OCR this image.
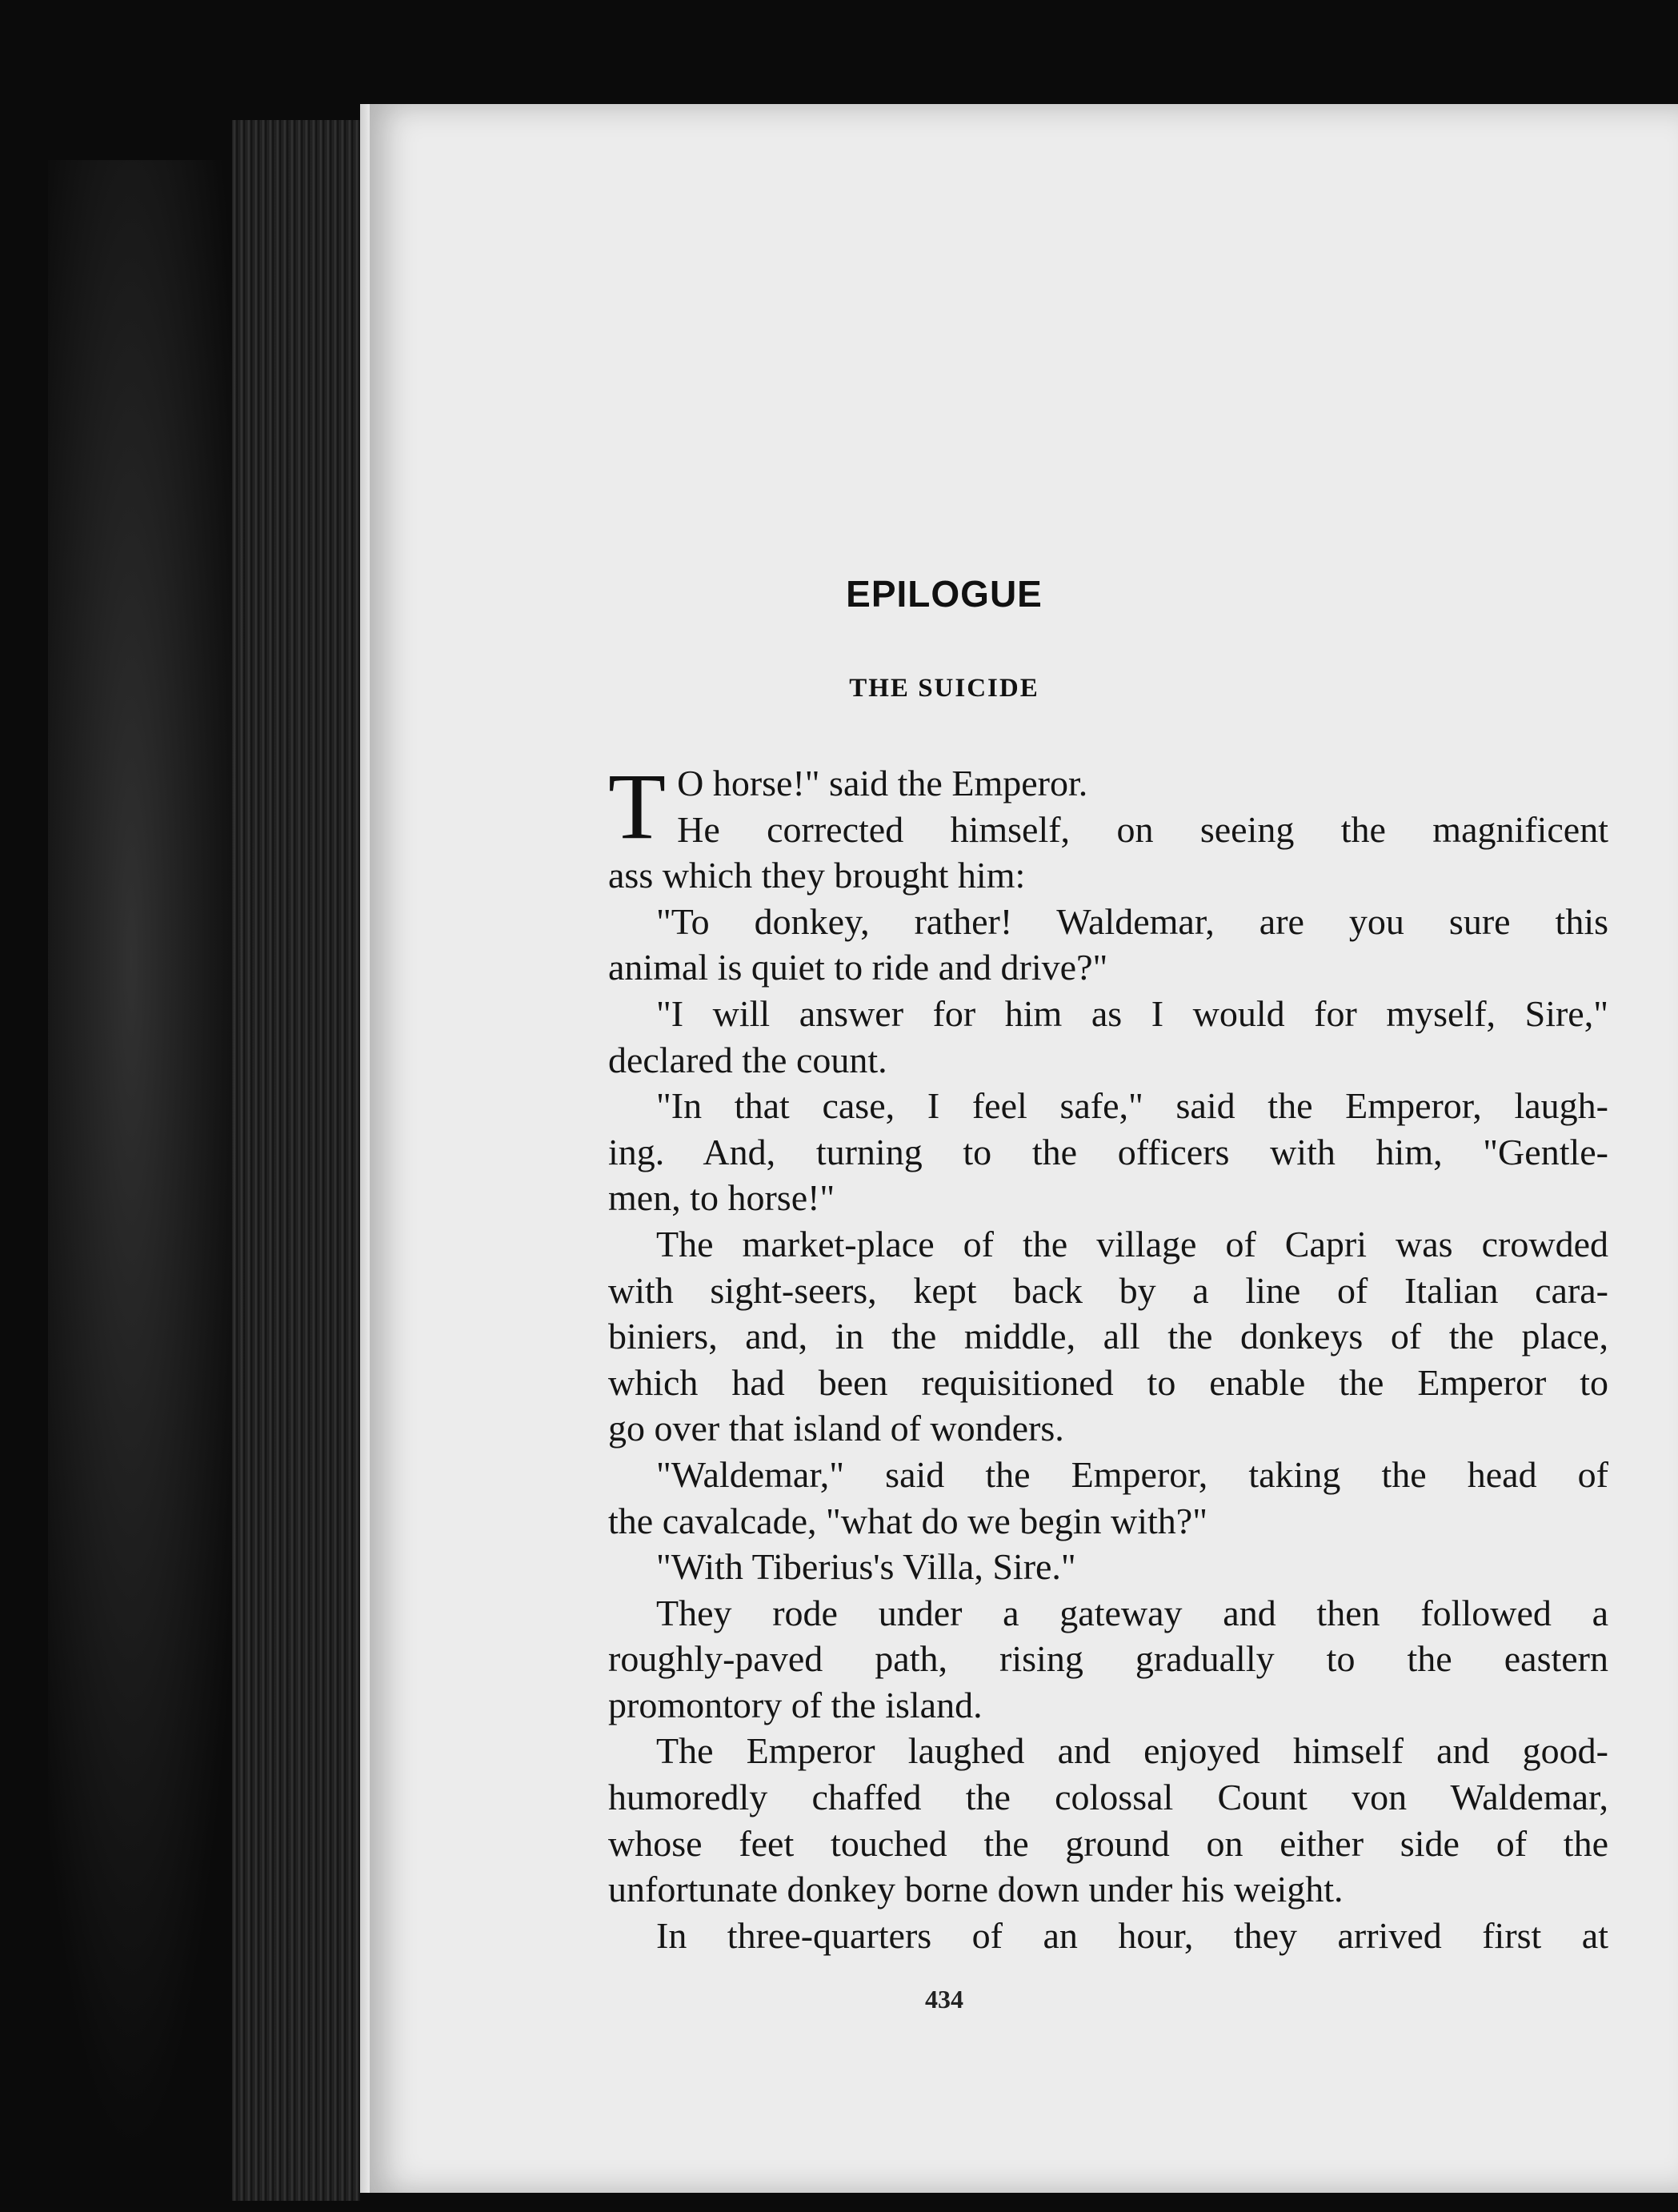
EPILOGUE
THE SUICIDE
T O horse!" said the Emperor.
He corrected himself, on seeing the magnificent
ass which they brought him:
"To donkey, rather! Waldemar, are you sure this
animal is quiet to ride and drive?"
"I will answer for him as I would for myself, Sire,"
declared the count.
"In that case, I feel safe," said the Emperor, laugh-
ing. And, turning to the officers with him, "Gentle-
men, to horse!"
The market-place of the village of Capri was crowded
with sight-seers, kept back by a line of Italian cara-
biniers, and, in the middle, all the donkeys of the place,
which had been requisitioned to enable the Emperor to
go over that island of wonders.
"Waldemar," said the Emperor, taking the head of
the cavalcade, "what do we begin with?"
"With Tiberius's Villa, Sire."
They rode under a gateway and then followed a
roughly-paved path, rising gradually to the eastern
promontory of the island.
The Emperor laughed and enjoyed himself and good-
humoredly chaffed the colossal Count von Waldemar,
whose feet touched the ground on either side of the
unfortunate donkey borne down under his weight.
In three-quarters of an hour, they arrived first at
434
